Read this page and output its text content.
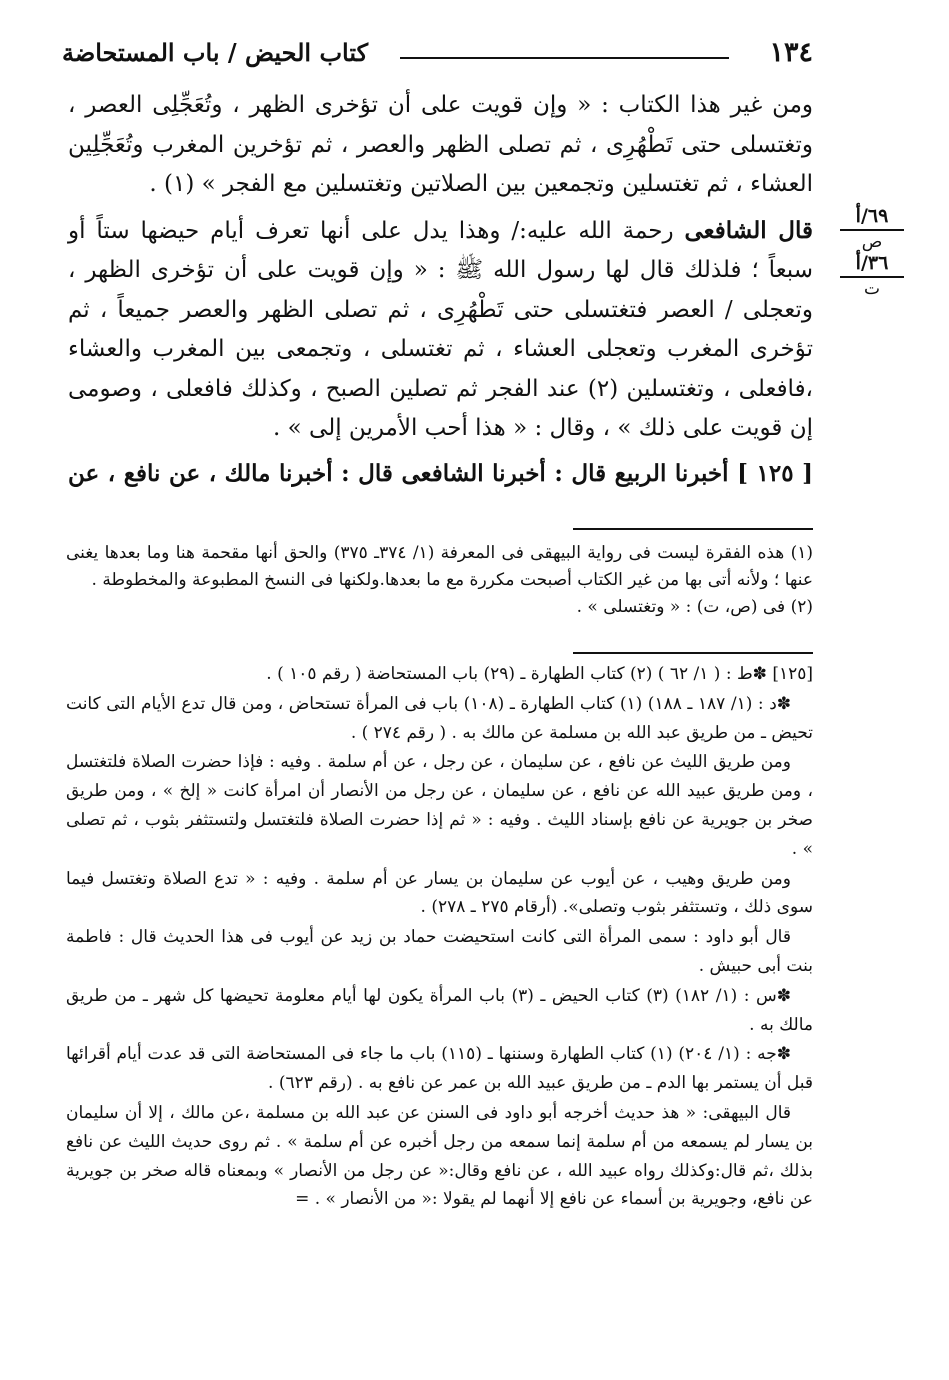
١٣٤
كتاب الحيض / باب المستحاضة
٦٩/أ
ص
٣٦/أ
ت

ومن غير هذا الكتاب : « وإن قويت على أن تؤخرى الظهر ، وتُعَجِّلِى العصر ، وتغتسلى حتى تَطْهُرِى ، ثم تصلى الظهر والعصر ، ثم تؤخرين المغرب وتُعَجِّلِين العشاء ، ثم تغتسلين وتجمعين بين الصلاتين وتغتسلين مع الفجر » (١) .

قال الشافعى رحمة الله عليه:/ وهذا يدل على أنها تعرف أيام حيضها ستاً أو سبعاً ؛ فلذلك قال لها رسول الله ﷺ : « وإن قويت على أن تؤخرى الظهر ، وتعجلى / العصر فتغتسلى حتى تَطْهُرِى ، ثم تصلى الظهر والعصر جميعاً ، ثم تؤخرى المغرب وتعجلى العشاء ، ثم تغتسلى ، وتجمعى بين المغرب والعشاء ،فافعلى ، وتغتسلين (٢) عند الفجر ثم تصلين الصبح ، وكذلك فافعلى ، وصومى إن قويت على ذلك » ، وقال : « هذا أحب الأمرين إلى » .

[ ١٢٥ ] أخبرنا الربيع قال : أخبرنا الشافعى قال : أخبرنا مالك ، عن نافع ، عن

(١) هذه الفقرة ليست فى رواية البيهقى فى المعرفة (١/ ٣٧٤ـ ٣٧٥) والحق أنها مقحمة هنا وما بعدها يغنى عنها ؛ ولأنه أتى بها من غير الكتاب أصبحت مكررة مع ما بعدها.ولكنها فى النسخ المطبوعة والمخطوطة .

(٢) فى (ص، ت) : « وتغتسلى » .

[١٢٥] ✽ط : ( ١/ ٦٢ ) (٢) كتاب الطهارة ـ (٢٩) باب المستحاضة ( رقم ١٠٥ ) .

✽د : (١/ ١٨٧ ـ ١٨٨) (١) كتاب الطهارة ـ (١٠٨) باب فى المرأة تستحاض ، ومن قال تدع الأيام التى كانت تحيض ـ من طريق عبد الله بن مسلمة عن مالك به . ( رقم ٢٧٤ ) .

ومن طريق الليث عن نافع ، عن سليمان ، عن رجل ، عن أم سلمة . وفيه : فإذا حضرت الصلاة فلتغتسل ، ومن طريق عبيد الله عن نافع ، عن سليمان ، عن رجل من الأنصار أن امرأة كانت « إلخ » ، ومن طريق صخر بن جويرية عن نافع بإسناد الليث . وفيه : « ثم إذا حضرت الصلاة فلتغتسل ولتستثفر بثوب ، ثم تصلى » .

ومن طريق وهيب ، عن أيوب عن سليمان بن يسار عن أم سلمة . وفيه : « تدع الصلاة وتغتسل فيما سوى ذلك ، وتستثفر بثوب وتصلى». (أرقام ٢٧٥ ـ ٢٧٨) .

قال أبو داود : سمى المرأة التى كانت استحيضت حماد بن زيد عن أيوب فى هذا الحديث قال : فاطمة بنت أبى حبيش .

✽س : (١/ ١٨٢) (٣) كتاب الحيض ـ (٣) باب المرأة يكون لها أيام معلومة تحيضها كل شهر ـ من طريق مالك به .

✽جه : (١/ ٢٠٤) (١) كتاب الطهارة وسننها ـ (١١٥) باب ما جاء فى المستحاضة التى قد عدت أيام أقرائها قبل أن يستمر بها الدم ـ من طريق عبيد الله بن عمر عن نافع به . (رقم ٦٢٣) .

قال البيهقى: « هذ حديث أخرجه أبو داود فى السنن عن عبد الله بن مسلمة ،عن مالك ، إلا أن سليمان بن يسار لم يسمعه من أم سلمة إنما سمعه من رجل أخبره عن أم سلمة » . ثم روى حديث الليث عن نافع بذلك ،ثم قال:وكذلك رواه عبيد الله ، عن نافع وقال:« عن رجل من الأنصار » وبمعناه قاله صخر بن جويرية عن نافع، وجويرية بن أسماء عن نافع إلا أنهما لم يقولا :« من الأنصار » . =
